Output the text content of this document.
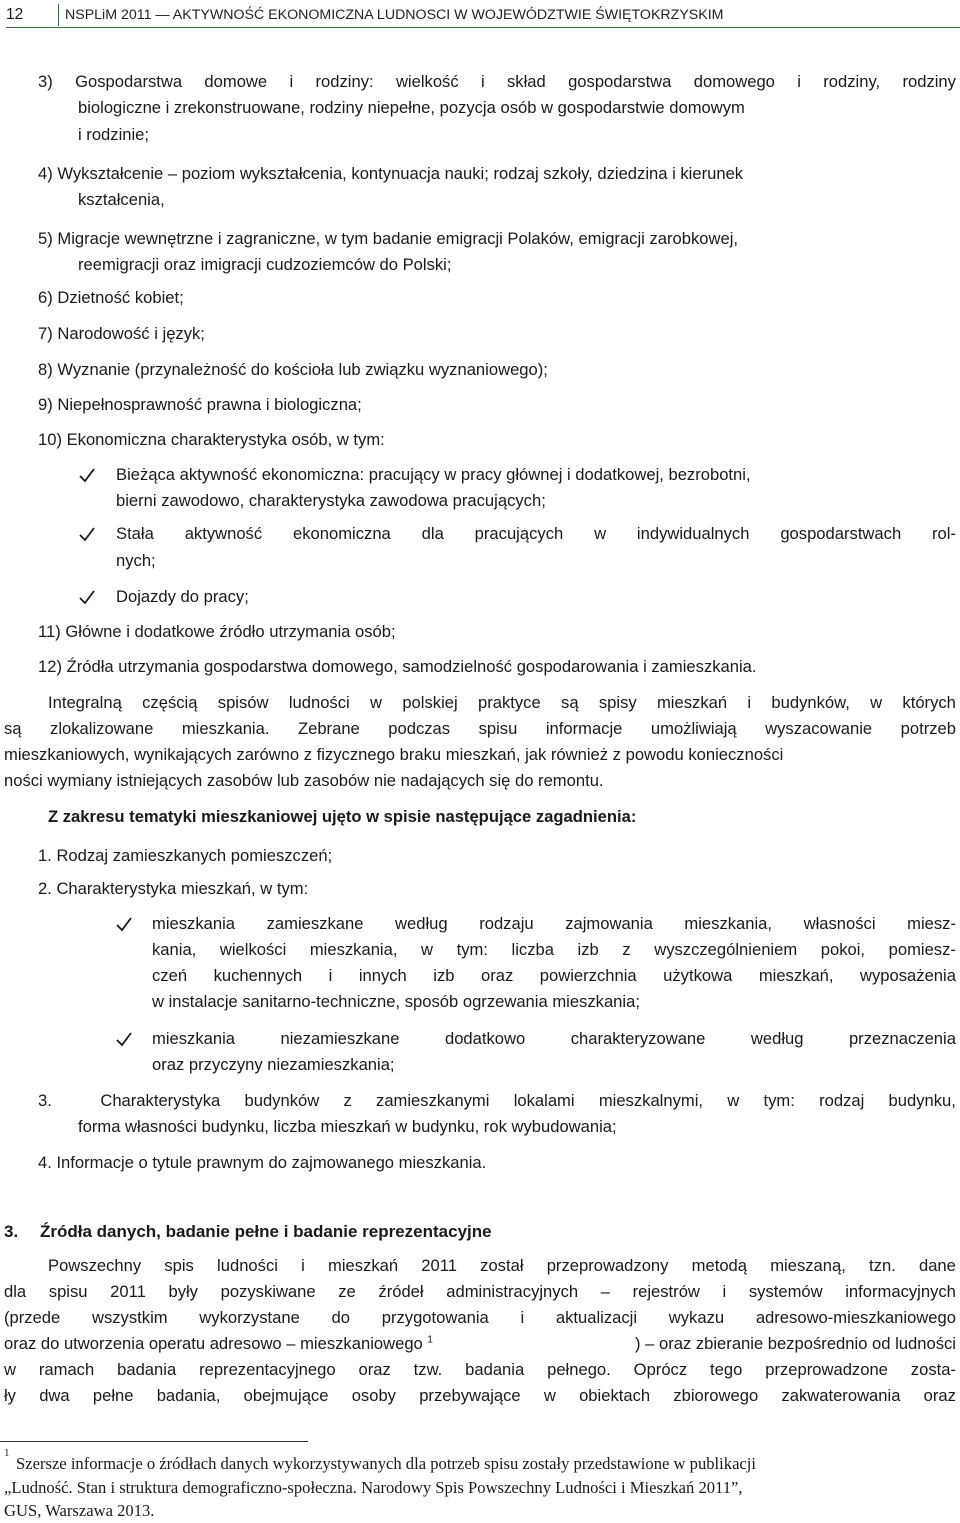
12	NSPLiM 2011 — AKTYWNOŚĆ EKONOMICZNA LUDNOSCI W WOJEWÓDZTWIE ŚWIĘTOKRZYSKIM
3) Gospodarstwa domowe i rodziny: wielkość i skład gospodarstwa domowego i rodziny, rodziny
biologiczne i zrekonstruowane, rodziny niepełne, pozycja osób w gospodarstwie domowym
i rodzinie;
4) Wykształcenie – poziom wykształcenia, kontynuacja nauki; rodzaj szkoły, dziedzina i kierunek
kształcenia,
5) Migracje wewnętrzne i zagraniczne, w tym badanie emigracji Polaków, emigracji zarobkowej,
reemigracji oraz imigracji cudzoziemców do Polski;
6) Dzietność kobiet;
7) Narodowość i język;
8) Wyznanie (przynależność do kościoła lub związku wyznaniowego);
9) Niepełnosprawność prawna i biologiczna;
10) Ekonomiczna charakterystyka osób, w tym:
Bieżąca aktywność ekonomiczna: pracujący w pracy głównej i dodatkowej, bezrobotni,
bierni zawodowo, charakterystyka zawodowa pracujących;
Stała aktywność ekonomiczna dla pracujących w indywidualnych gospodarstwach rol-
nych;
Dojazdy do pracy;
11) Główne i dodatkowe źródło utrzymania osób;
12) Źródła utrzymania gospodarstwa domowego, samodzielność gospodarowania i zamieszkania.
Integralną częścią spisów ludności w polskiej praktyce są spisy mieszkań i budynków, w których
są zlokalizowane mieszkania. Zebrane podczas spisu informacje umożliwiają wyszacowanie potrzeb
mieszkaniowych, wynikających zarówno z fizycznego braku mieszkań, jak również z powodu konieczności
ności wymiany istniejących zasobów lub zasobów nie nadających się do remontu.
Z zakresu tematyki mieszkaniowej ujęto w spisie następujące zagadnienia:
1. Rodzaj zamieszkanych pomieszczeń;
2. Charakterystyka mieszkań, w tym:
mieszkania zamieszkane według rodzaju zajmowania mieszkania, własności miesz-
kania, wielkości mieszkania, w tym: liczba izb z wyszczególnieniem pokoi, pomiesz-
czeń kuchennych i innych izb oraz powierzchnia użytkowa mieszkań, wyposażenia
w instalacje sanitarno-techniczne, sposób ogrzewania mieszkania;
mieszkania	niezamieszkane	dodatkowo	charakteryzowane	według	przeznaczenia
oraz przyczyny niezamieszkania;
3.	Charakterystyka budynków z zamieszkanymi lokalami mieszkalnymi, w tym: rodzaj budynku,
forma własności budynku, liczba mieszkań w budynku, rok wybudowania;
4. Informacje o tytule prawnym do zajmowanego mieszkania.
3. Źródła danych, badanie pełne i badanie reprezentacyjne
Powszechny spis ludności i mieszkań 2011 został przeprowadzony metodą mieszaną, tzn. dane
dla spisu 2011 były pozyskiwane ze źródeł administracyjnych – rejestrów i systemów informacyjnych
(przede wszystkim wykorzystane do przygotowania i aktualizacji wykazu adresowo-mieszkaniowego
oraz do utworzenia operatu adresowo – mieszkaniowego $^1$	) – oraz zbieranie bezpośrednio od ludności
w ramach badania reprezentacyjnego oraz tzw. badania pełnego. Oprócz tego przeprowadzone zosta-
ły dwa pełne badania, obejmujące osoby przebywające w obiektach zbiorowego zakwaterowania oraz
1
Szersze informacje o źródłach danych wykorzystywanych dla potrzeb spisu zostały przedstawione w publikacji
„Ludność. Stan i struktura demograficzno-społeczna. Narodowy Spis Powszechny Ludności i Mieszkań 2011”,
GUS, Warszawa 2013.
